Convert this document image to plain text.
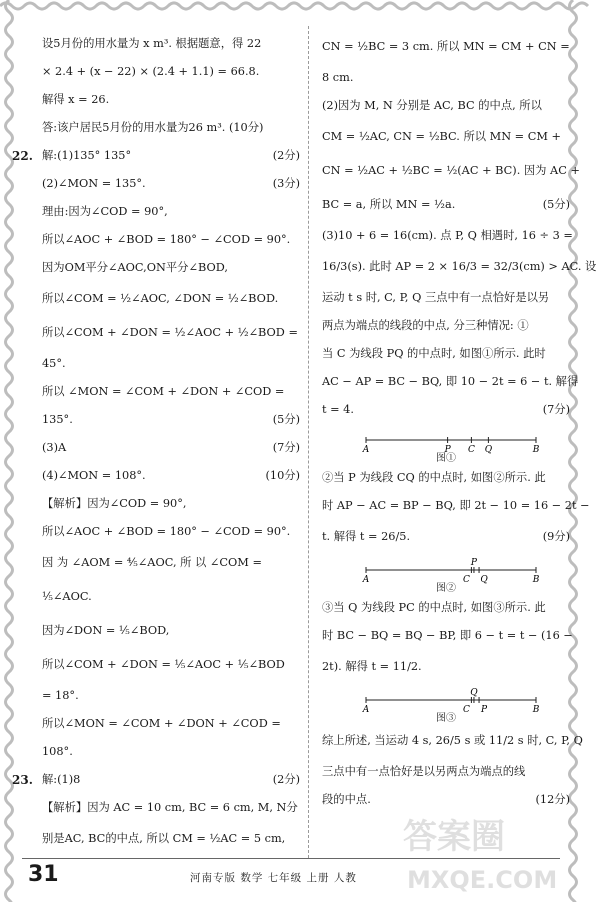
设5月份的用水量为 x m³. 根据题意，得 22
× 2.4 + (x − 22) × (2.4 + 1.1) = 66.8.
解得 x = 26.
答:该户居民5月份的用水量为26 m³. (10分)
22. 解:(1)135° 135°	(2分)
(2)∠MON = 135°.	(3分)
理由:因为∠COD = 90°,
所以∠AOC + ∠BOD = 180° − ∠COD = 90°.
因为OM平分∠AOC,ON平分∠BOD,
所以∠COM = ½∠AOC, ∠DON = ½∠BOD.
所以∠COM + ∠DON = ½∠AOC + ½∠BOD =
45°.
所以 ∠MON = ∠COM + ∠DON + ∠COD =
135°.	(5分)
(3)A	(7分)
(4)∠MON = 108°.	(10分)
【解析】因为∠COD = 90°,
所以∠AOC + ∠BOD = 180° − ∠COD = 90°.
因 为 ∠AOM = ⅘∠AOC, 所 以 ∠COM =
⅕∠AOC.
因为∠DON = ⅕∠BOD,
所以∠COM + ∠DON = ⅕∠AOC + ⅕∠BOD
= 18°.
所以∠MON = ∠COM + ∠DON + ∠COD =
108°.
23. 解:(1)8	(2分)
【解析】因为 AC = 10 cm, BC = 6 cm, M, N分
别是AC, BC的中点, 所以 CM = ½AC = 5 cm,
CN = ½BC = 3 cm. 所以 MN = CM + CN =
8 cm.
(2)因为 M, N 分别是 AC, BC 的中点, 所以
CM = ½AC, CN = ½BC. 所以 MN = CM +
CN = ½AC + ½BC = ½(AC + BC). 因为 AC +
BC = a, 所以 MN = ½a.	(5分)
(3)10 + 6 = 16(cm). 点 P, Q 相遇时, 16 ÷ 3 =
16/3(s). 此时 AP = 2 × 16/3 = 32/3(cm) > AC. 设
运动 t s 时, C, P, Q 三点中有一点恰好是以另
两点为端点的线段的中点, 分三种情况: ①
当 C 为线段 PQ 的中点时, 如图①所示. 此时
AC − AP = BC − BQ, 即 10 − 2t = 6 − t. 解得
t = 4.	(7分)
A	P C Q	B
图①
②当 P 为线段 CQ 的中点时, 如图②所示. 此
时 AP − AC = BP − BQ, 即 2t − 10 = 16 − 2t −
t. 解得 t = 26/5.	(9分)
A
P
C Q	B
图②
③当 Q 为线段 PC 的中点时, 如图③所示. 此
时 BC − BQ = BQ − BP, 即 6 − t = t − (16 −
2t). 解得 t = 11/2.
A
Q
C P	B
图③
综上所述, 当运动 4 s, 26/5 s 或 11/2 s 时, C, P, Q
三点中有一点恰好是以另两点为端点的线
段的中点.	(12分)
答案圈
MXQE.COM
31	河南专版 数学 七年级 上册 人教
